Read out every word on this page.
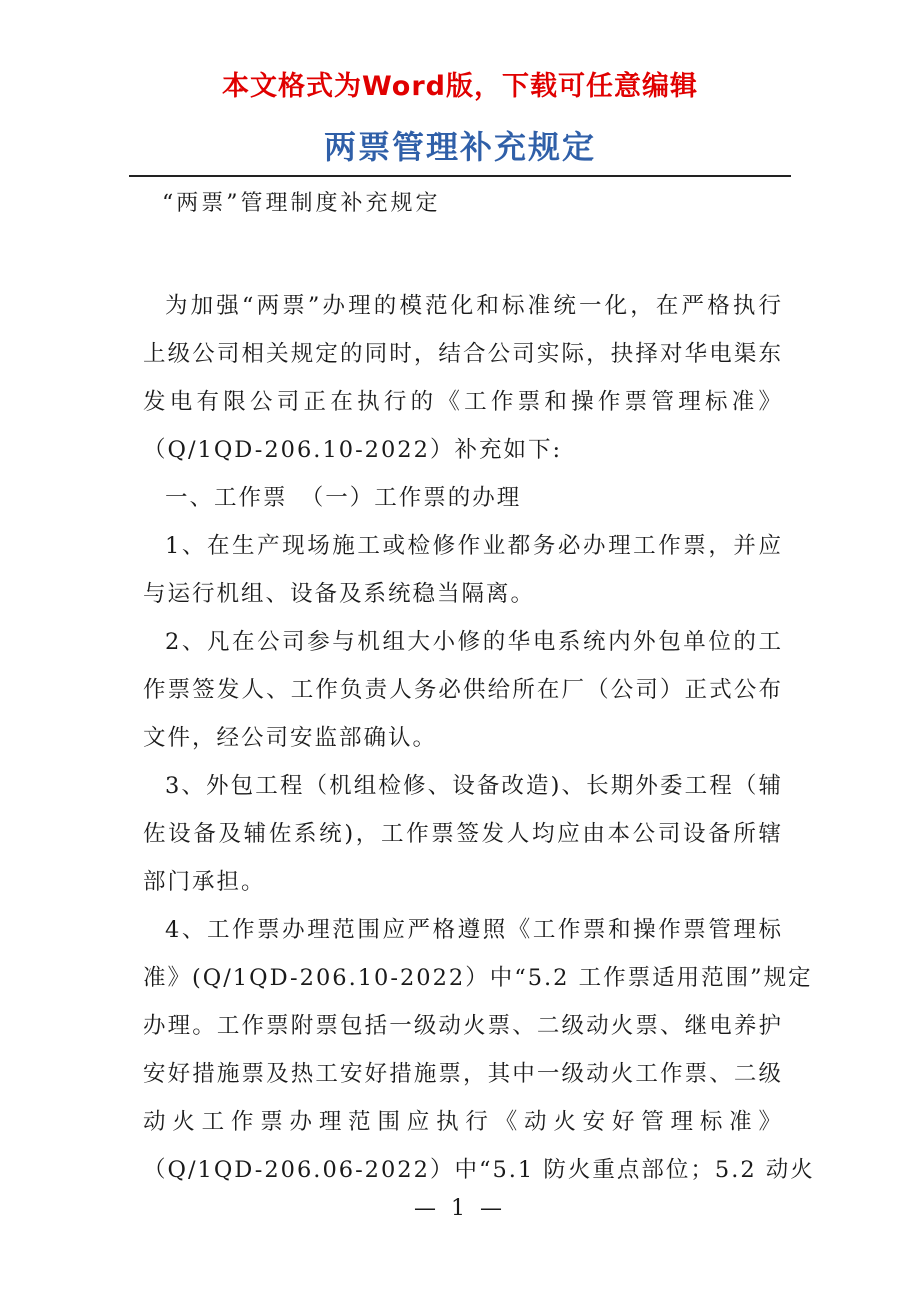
本文格式为Word版，下载可任意编辑
两票管理补充规定
“两票”管理制度补充规定

为加强“两票”办理的模范化和标准统一化，在严格执行

上级公司相关规定的同时，结合公司实际，抉择对华电渠东

发电有限公司正在执行的《工作票和操作票管理标准》

（Q/1QD-206.10-2022）补充如下:

一、工作票　（一）工作票的办理

1、在生产现场施工或检修作业都务必办理工作票，并应

与运行机组、设备及系统稳当隔离。

2、凡在公司参与机组大小修的华电系统内外包单位的工

作票签发人、工作负责人务必供给所在厂（公司）正式公布

文件，经公司安监部确认。

3、外包工程（机组检修、设备改造)、长期外委工程（辅

佐设备及辅佐系统)，工作票签发人均应由本公司设备所辖

部门承担。

4、工作票办理范围应严格遵照《工作票和操作票管理标

准》(Q/1QD-206.10-2022）中“5.2 工作票适用范围”规定

办理。工作票附票包括一级动火票、二级动火票、继电养护

安好措施票及热工安好措施票，其中一级动火工作票、二级

动火工作票办理范围应执行《动火安好管理标准》

（Q/1QD-206.06-2022）中“5.1 防火重点部位；5.2 动火

— 1 —
